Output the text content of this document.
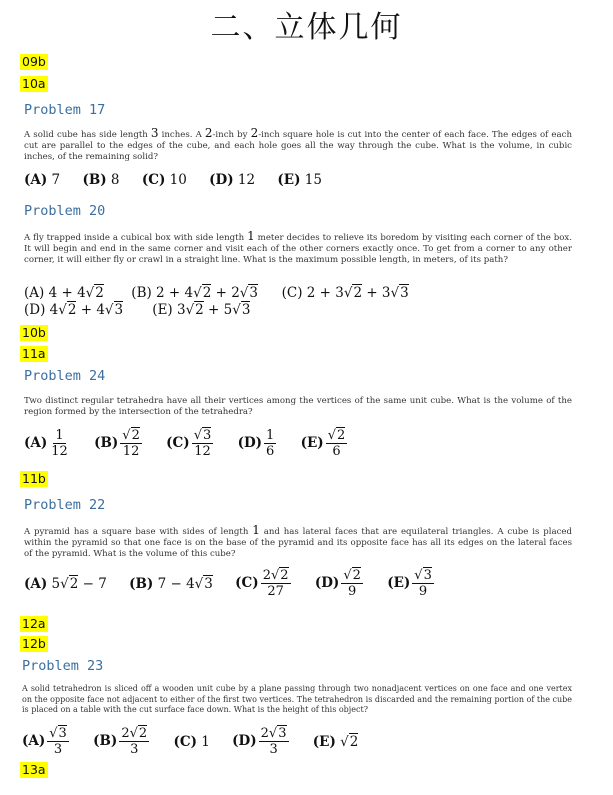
二、立体几何
09b
10a
Problem 17
A solid cube has side length 3 inches. A 2-inch by 2-inch square hole is cut into the center of each face. The edges of each cut are parallel to the edges of the cube, and each hole goes all the way through the cube. What is the volume, in cubic inches, of the remaining solid?
(A) 7 (B) 8 (C) 10 (D) 12 (E) 15
Problem 20
A fly trapped inside a cubical box with side length 1 meter decides to relieve its boredom by visiting each corner of the box. It will begin and end in the same corner and visit each of the other corners exactly once. To get from a corner to any other corner, it will either fly or crawl in a straight line. What is the maximum possible length, in meters, of its path?
(A) 4 + 4√2 (B) 2 + 4√2 + 2√3 (C) 2 + 3√2 + 3√3
(D) 4√2 + 4√3 (E) 3√2 + 5√3
10b
11a
Problem 24
Two distinct regular tetrahedra have all their vertices among the vertices of the same unit cube. What is the volume of the region formed by the intersection of the tetrahedra?
$(A) \frac{1}{12} (B) \frac{√2}{12} (C) \frac{√3}{12} (D) \frac{1}{6} (E) \frac{√2}{6}$
11b
Problem 22
A pyramid has a square base with sides of length 1 and has lateral faces that are equilateral triangles. A cube is placed within the pyramid so that one face is on the base of the pyramid and its opposite face has all its edges on the lateral faces of the pyramid. What is the volume of this cube?
(A) 5√2 − 7 (B) 7 − 4√3 $(C) \frac{2√2}{27} (D) \frac{√2}{9} (E) \frac{√3}{9}$
12a
12b
Problem 23
A solid tetrahedron is sliced off a wooden unit cube by a plane passing through two nonadjacent vertices on one face and one vertex on the opposite face not adjacent to either of the first two vertices. The tetrahedron is discarded and the remaining portion of the cube is placed on a table with the cut surface face down. What is the height of this object?
$(A) \frac{√3}{3} (B) \frac{2√2}{3} (C)$ 1 $(D) \frac{2√3}{3} (E)$ √2
13a
